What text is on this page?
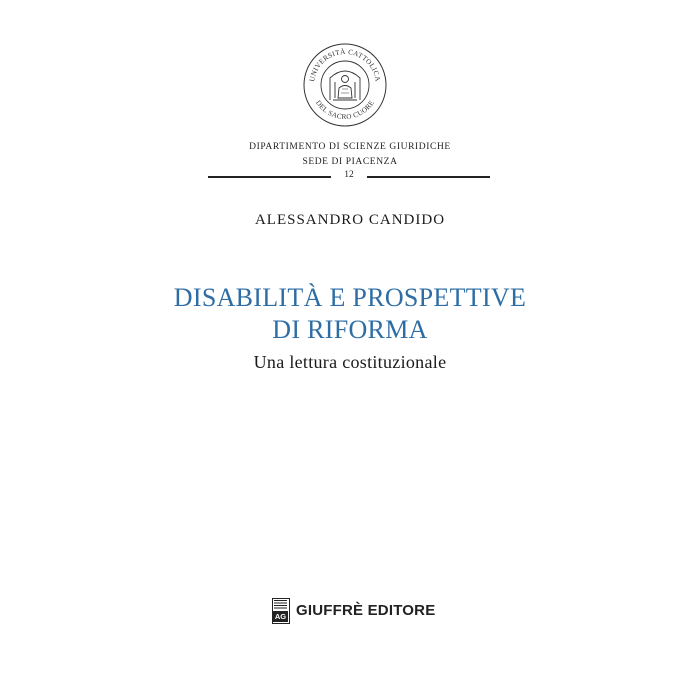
UNIVERSITÀ CATTOLICA
DEL SACRO CUORE
DIPARTIMENTO DI SCIENZE GIURIDICHE
SEDE DI PIACENZA
12
ALESSANDRO CANDIDO
DISABILITÀ E PROSPETTIVE
DI RIFORMA
Una lettura costituzionale
AG GIUFFRÈ EDITORE
